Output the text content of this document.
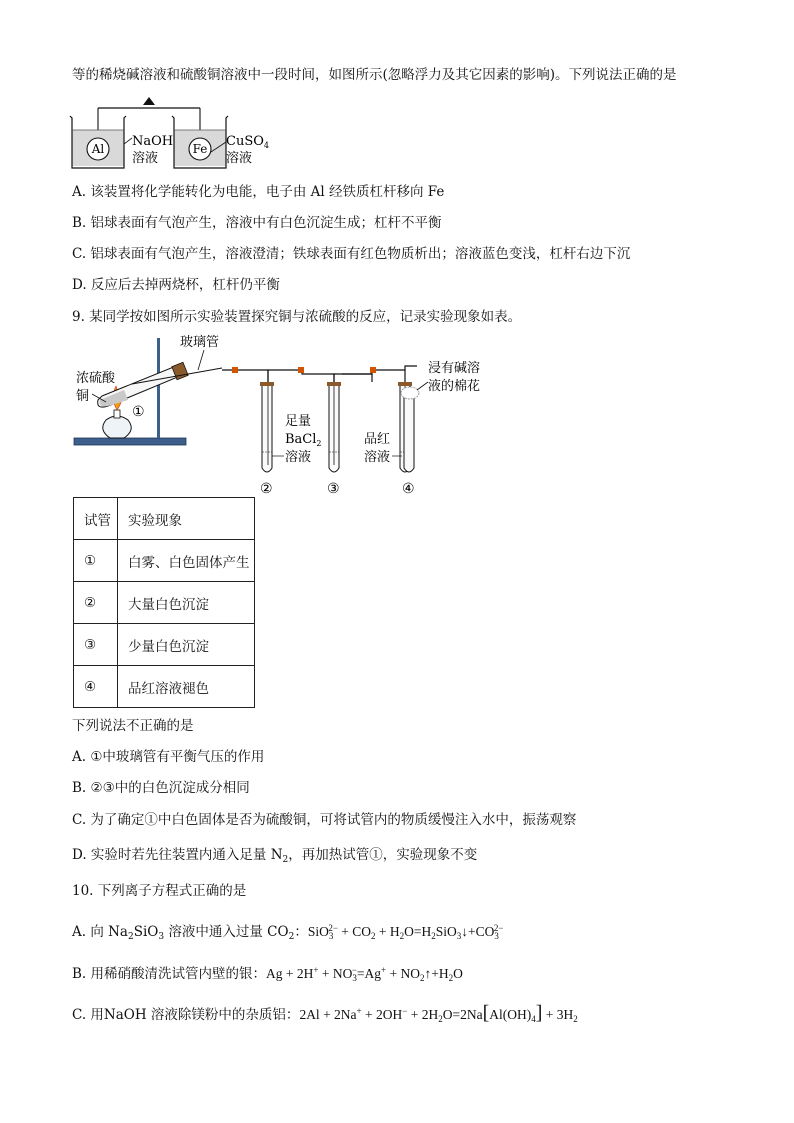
等的稀烧碱溶液和硫酸铜溶液中一段时间，如图所示(忽略浮力及其它因素的影响)。下列说法正确的是
Al NaOH
溶液
Fe CuSO$_4$
溶液
A. 该装置将化学能转化为电能，电子由 Al 经铁质杠杆移向 Fe
B. 铝球表面有气泡产生，溶液中有白色沉淀生成；杠杆不平衡
C. 铝球表面有气泡产生，溶液澄清；铁球表面有红色物质析出；溶液蓝色变浅，杠杆右边下沉
D. 反应后去掉两烧杯，杠杆仍平衡
9. 某同学按如图所示实验装置探究铜与浓硫酸的反应，记录实验现象如表。
①
浓硫酸
铜
玻璃管
浸有碱溶
液的棉花
足量
BaCl$_2$
溶液
品红
溶液
②	③	④
试管	实验现象
①	白雾、白色固体产生
②	大量白色沉淀
③	少量白色沉淀
④	品红溶液褪色
下列说法不正确的是
A. ①中玻璃管有平衡气压的作用
B. ②③中的白色沉淀成分相同
C. 为了确定①中白色固体是否为硫酸铜，可将试管内的物质缓慢注入水中，振荡观察
D. 实验时若先往装置内通入足量 $N_2$，再加热试管①，实验现象不变
10. 下列离子方程式正确的是
A. 向 $Na_2SiO_3$ 溶液中通入过量 $CO_2$：$SiO_3^{2-} + CO_2$ + $H_2O=H_2SiO_3↓+CO_3^{2-}$
B. 用稀硝酸清洗试管内壁的银：$Ag + 2H^+ + NO_3^-=Ag^+$ + $NO_2↑+H_2O$
C. 用NaOH 溶液除镁粉中的杂质铝：$2Al + 2Na^+ + 2OH^- + 2H_2O=2Na[Al(OH)_4] + 3H_2$
